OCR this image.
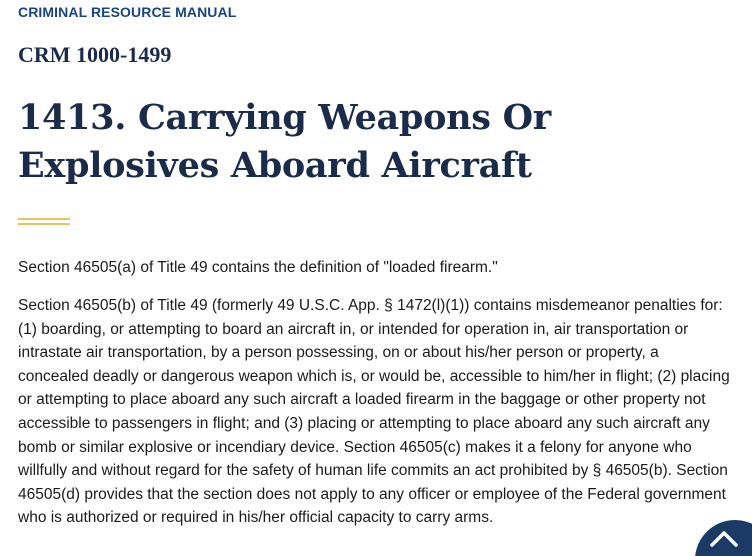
CRIMINAL RESOURCE MANUAL
CRM 1000-1499
1413. Carrying Weapons Or Explosives Aboard Aircraft

Section 46505(a) of Title 49 contains the definition of "loaded firearm."

Section 46505(b) of Title 49 (formerly 49 U.S.C. App. § 1472(l)(1)) contains misdemeanor penalties for: (1) boarding, or attempting to board an aircraft in, or intended for operation in, air transportation or intrastate air transportation, by a person possessing, on or about his/her person or property, a concealed deadly or dangerous weapon which is, or would be, accessible to him/her in flight; (2) placing or attempting to place aboard any such aircraft a loaded firearm in the baggage or other property not accessible to passengers in flight; and (3) placing or attempting to place aboard any such aircraft any bomb or similar explosive or incendiary device. Section 46505(c) makes it a felony for anyone who willfully and without regard for the safety of human life commits an act prohibited by § 46505(b). Section 46505(d) provides that the section does not apply to any officer or employee of the Federal government who is authorized or required in his/her official capacity to carry arms.
